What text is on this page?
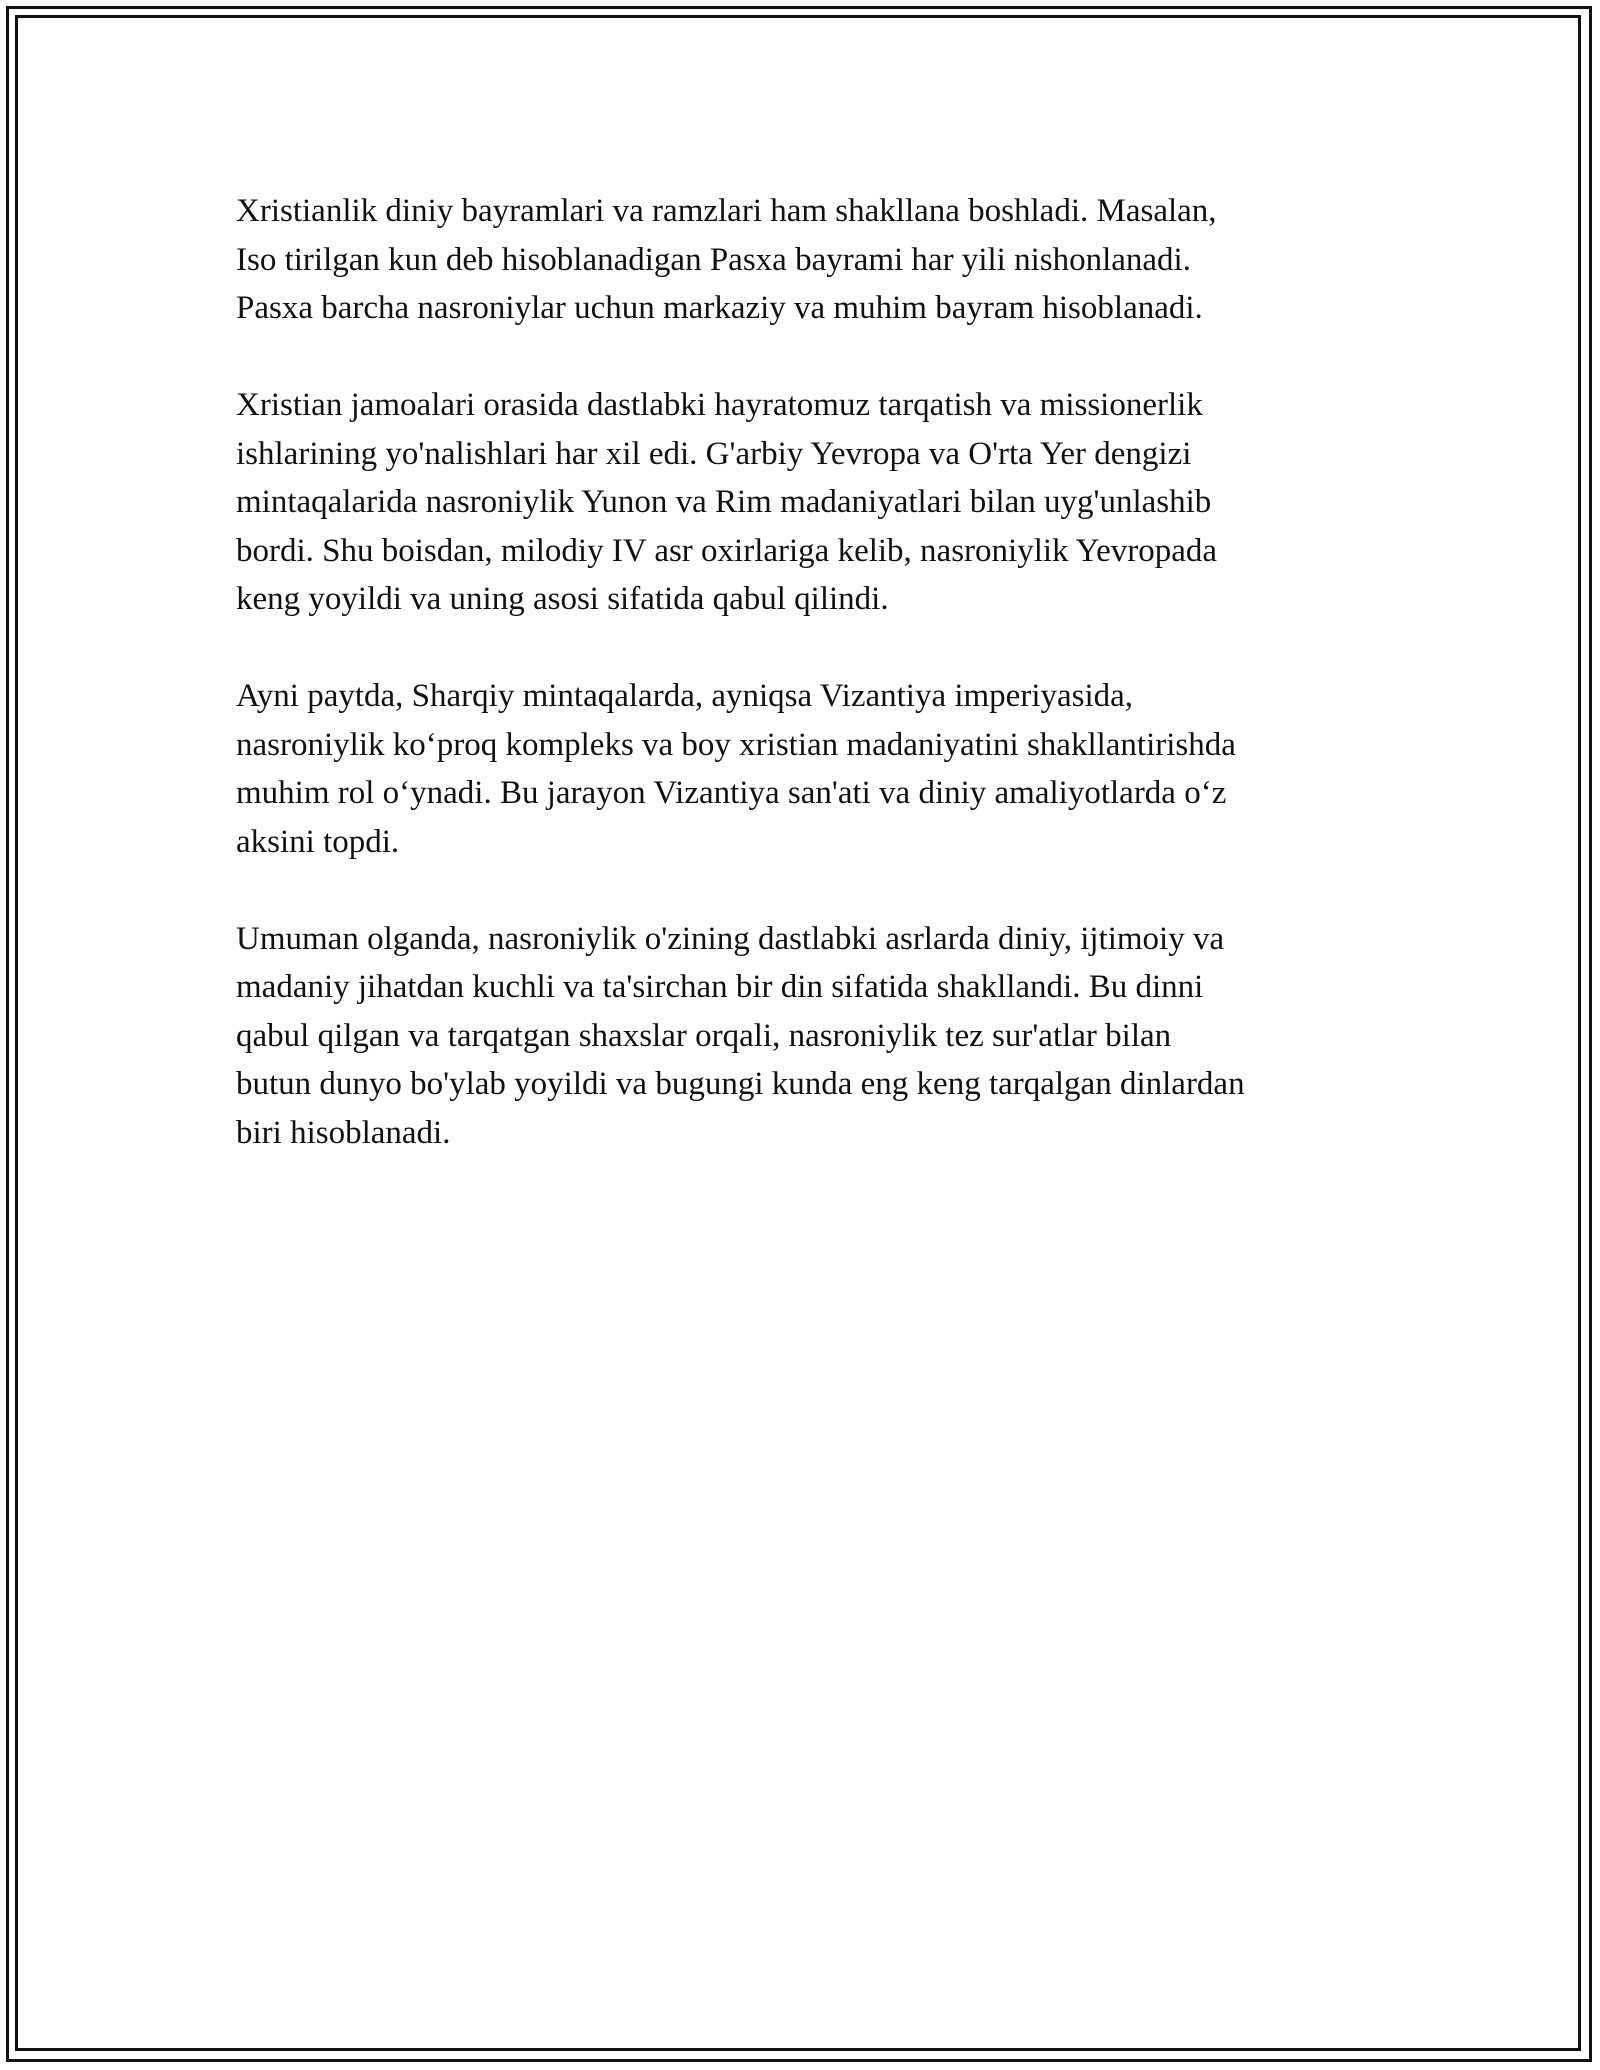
Xristianlik diniy bayramlari va ramzlari ham shakllana boshladi. Masalan,
Iso tirilgan kun deb hisoblanadigan Pasxa bayrami har yili nishonlanadi.
Pasxa barcha nasroniylar uchun markaziy va muhim bayram hisoblanadi.

Xristian jamoalari orasida dastlabki hayratomuz tarqatish va missionerlik
ishlarining yo'nalishlari har xil edi. G'arbiy Yevropa va O'rta Yer dengizi
mintaqalarida nasroniylik Yunon va Rim madaniyatlari bilan uyg'unlashib
bordi. Shu boisdan, milodiy IV asr oxirlariga kelib, nasroniylik Yevropada
keng yoyildi va uning asosi sifatida qabul qilindi.

Ayni paytda, Sharqiy mintaqalarda, ayniqsa Vizantiya imperiyasida,
nasroniylik ko‘proq kompleks va boy xristian madaniyatini shakllantirishda
muhim rol o‘ynadi. Bu jarayon Vizantiya san'ati va diniy amaliyotlarda o‘z
aksini topdi.

Umuman olganda, nasroniylik o'zining dastlabki asrlarda diniy, ijtimoiy va
madaniy jihatdan kuchli va ta'sirchan bir din sifatida shakllandi. Bu dinni
qabul qilgan va tarqatgan shaxslar orqali, nasroniylik tez sur'atlar bilan
butun dunyo bo'ylab yoyildi va bugungi kunda eng keng tarqalgan dinlardan
biri hisoblanadi.
